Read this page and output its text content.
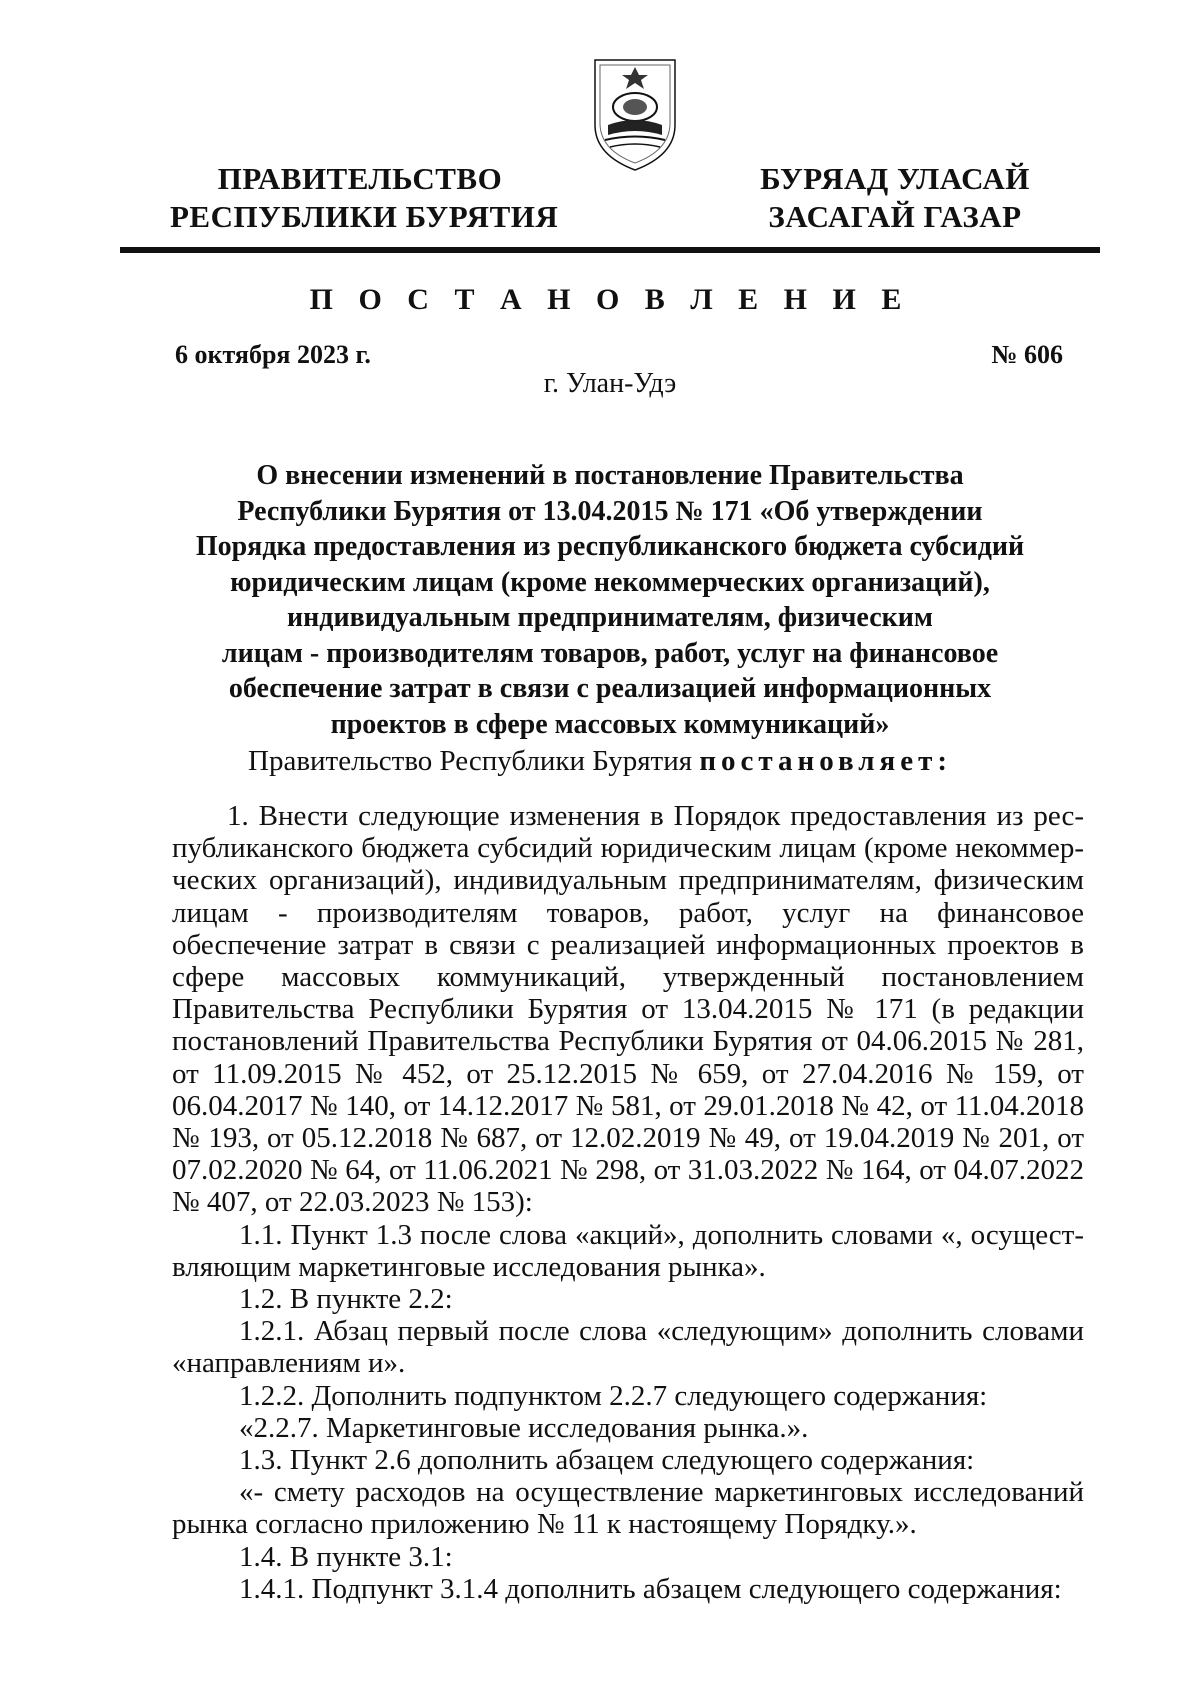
ПРАВИТЕЛЬСТВО
РЕСПУБЛИКИ БУРЯТИЯ
БУРЯАД УЛАСАЙ
ЗАСАГАЙ ГАЗАР
П О С Т А Н О В Л Е Н И Е
6 октября 2023 г.	№ 606
г. Улан-Удэ
О внесении изменений в постановление Правительства
Республики Бурятия от 13.04.2015 № 171 «Об утверждении
Порядка предоставления из республиканского бюджета субсидий
юридическим лицам (кроме некоммерческих организаций),
индивидуальным предпринимателям, физическим
лицам - производителям товаров, работ, услуг на финансовое
обеспечение затрат в связи с реализацией информационных
проектов в сфере массовых коммуникаций»
Правительство Республики Бурятия постановляет:

1. Внести следующие изменения в Порядок предоставления из рес-публиканского бюджета субсидий юридическим лицам (кроме некоммер-ческих организаций), индивидуальным предпринимателям, физическим лицам - производителям товаров, работ, услуг на финансовое обеспечение затрат в связи с реализацией информационных проектов в сфере массовых коммуникаций, утвержденный постановлением Правительства Республики Бурятия от 13.04.2015 № 171 (в редакции постановлений Правительства Республики Бурятия от 04.06.2015 № 281, от 11.09.2015 № 452, от 25.12.2015 № 659, от 27.04.2016 № 159, от 06.04.2017 № 140, от 14.12.2017 № 581, от 29.01.2018 № 42, от 11.04.2018 № 193, от 05.12.2018 № 687, от 12.02.2019 № 49, от 19.04.2019 № 201, от 07.02.2020 № 64, от 11.06.2021 № 298, от 31.03.2022 № 164, от 04.07.2022 № 407, от 22.03.2023 № 153):

1.1. Пункт 1.3 после слова «акций», дополнить словами «, осущест-вляющим маркетинговые исследования рынка».

1.2. В пункте 2.2:

1.2.1. Абзац первый после слова «следующим» дополнить словами «направлениям и».

1.2.2. Дополнить подпунктом 2.2.7 следующего содержания:

«2.2.7. Маркетинговые исследования рынка.».

1.3. Пункт 2.6 дополнить абзацем следующего содержания:

«- смету расходов на осуществление маркетинговых исследований рынка согласно приложению № 11 к настоящему Порядку.».

1.4. В пункте 3.1:

1.4.1. Подпункт 3.1.4 дополнить абзацем следующего содержания:
